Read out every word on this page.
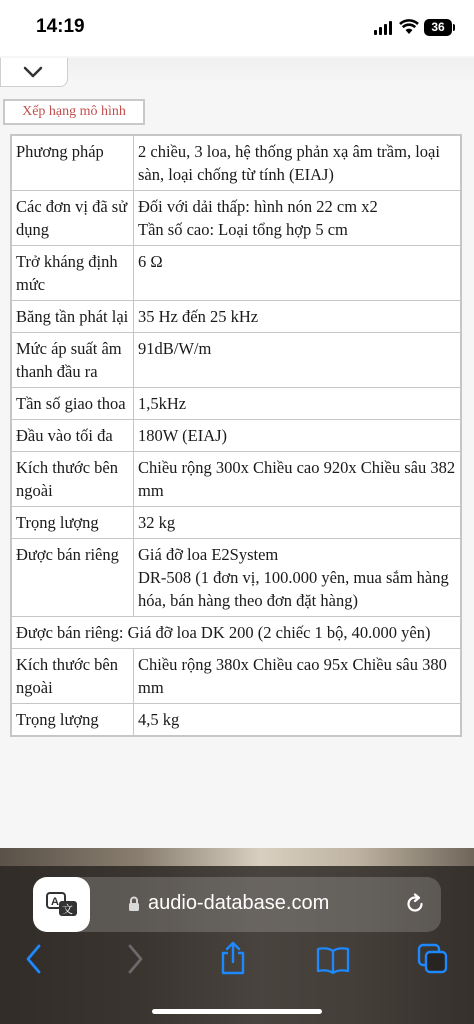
14:19	36
Xếp hạng mô hình
Phương pháp	2 chiều, 3 loa, hệ thống phản xạ âm trầm, loại sàn, loại chống từ tính (EIAJ)
Các đơn vị đã sử dụng	Đối với dải thấp: hình nón 22 cm x2
Tần số cao: Loại tổng hợp 5 cm
Trở kháng định mức	6 Ω
Băng tần phát lại	35 Hz đến 25 kHz
Mức áp suất âm thanh đầu ra	91dB/W/m
Tần số giao thoa	1,5kHz
Đầu vào tối đa	180W (EIAJ)
Kích thước bên ngoài	Chiều rộng 300x Chiều cao 920x Chiều sâu 382 mm
Trọng lượng	32 kg
Được bán riêng	Giá đỡ loa E2System
DR-508 (1 đơn vị, 100.000 yên, mua sắm hàng hóa, bán hàng theo đơn đặt hàng)
Được bán riêng: Giá đỡ loa DK 200 (2 chiếc 1 bộ, 40.000 yên)	
Kích thước bên ngoài	Chiều rộng 380x Chiều cao 95x Chiều sâu 380 mm
Trọng lượng	4,5 kg
A
文	audio-database.com
